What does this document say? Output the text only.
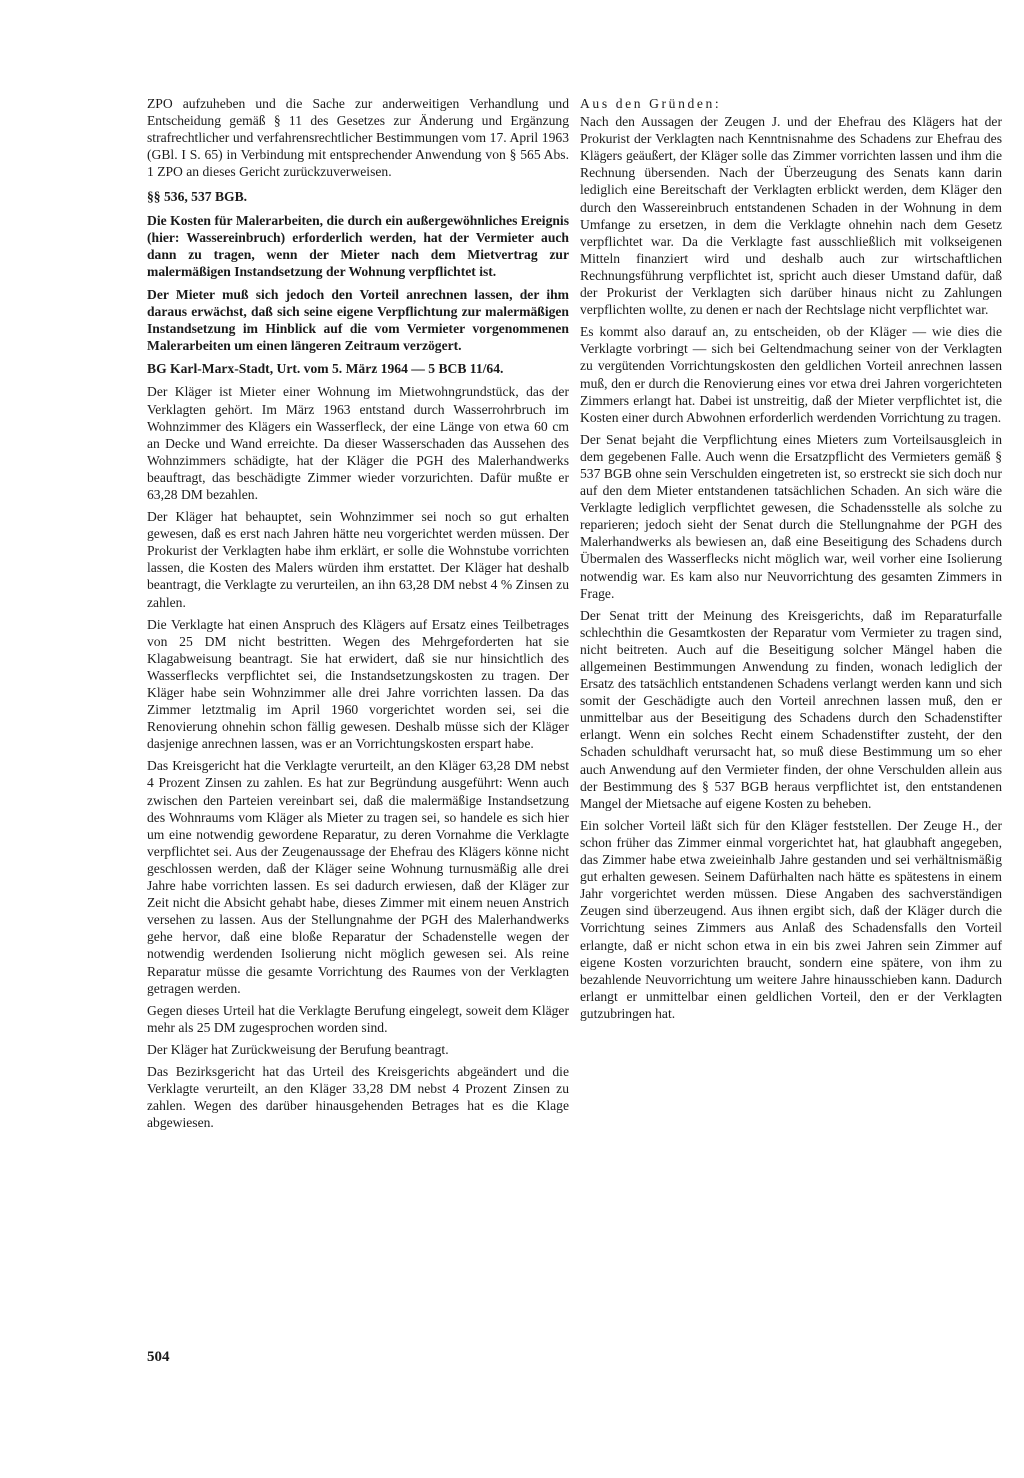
ZPO aufzuheben und die Sache zur anderweitigen Verhandlung und Entscheidung gemäß § 11 des Gesetzes zur Änderung und Ergänzung strafrechtlicher und verfahrensrechtlicher Bestimmungen vom 17. April 1963 (GBl. I S. 65) in Verbindung mit entsprechender Anwendung von § 565 Abs. 1 ZPO an dieses Gericht zurückzuverweisen.

§§ 536, 537 BGB.

Die Kosten für Malerarbeiten, die durch ein außergewöhnliches Ereignis (hier: Wassereinbruch) erforderlich werden, hat der Vermieter auch dann zu tragen, wenn der Mieter nach dem Mietvertrag zur malermäßigen Instandsetzung der Wohnung verpflichtet ist.

Der Mieter muß sich jedoch den Vorteil anrechnen lassen, der ihm daraus erwächst, daß sich seine eigene Verpflichtung zur malermäßigen Instandsetzung im Hinblick auf die vom Vermieter vorgenommenen Malerarbeiten um einen längeren Zeitraum verzögert.

BG Karl-Marx-Stadt, Urt. vom 5. März 1964 — 5 BCB 11/64.

Der Kläger ist Mieter einer Wohnung im Mietwohngrundstück, das der Verklagten gehört. Im März 1963 entstand durch Wasserrohrbruch im Wohnzimmer des Klägers ein Wasserfleck, der eine Länge von etwa 60 cm an Decke und Wand erreichte. Da dieser Wasserschaden das Aussehen des Wohnzimmers schädigte, hat der Kläger die PGH des Malerhandwerks beauftragt, das beschädigte Zimmer wieder vorzurichten. Dafür mußte er 63,28 DM bezahlen.

Der Kläger hat behauptet, sein Wohnzimmer sei noch so gut erhalten gewesen, daß es erst nach Jahren hätte neu vorgerichtet werden müssen. Der Prokurist der Verklagten habe ihm erklärt, er solle die Wohnstube vorrichten lassen, die Kosten des Malers würden ihm erstattet. Der Kläger hat deshalb beantragt, die Verklagte zu verurteilen, an ihn 63,28 DM nebst 4 % Zinsen zu zahlen.

Die Verklagte hat einen Anspruch des Klägers auf Ersatz eines Teilbetrages von 25 DM nicht bestritten. Wegen des Mehrgeforderten hat sie Klagabweisung beantragt. Sie hat erwidert, daß sie nur hinsichtlich des Wasserflecks verpflichtet sei, die Instandsetzungskosten zu tragen. Der Kläger habe sein Wohnzimmer alle drei Jahre vorrichten lassen. Da das Zimmer letztmalig im April 1960 vorgerichtet worden sei, sei die Renovierung ohnehin schon fällig gewesen. Deshalb müsse sich der Kläger dasjenige anrechnen lassen, was er an Vorrichtungskosten erspart habe.

Das Kreisgericht hat die Verklagte verurteilt, an den Kläger 63,28 DM nebst 4 Prozent Zinsen zu zahlen. Es hat zur Begründung ausgeführt: Wenn auch zwischen den Parteien vereinbart sei, daß die malermäßige Instandsetzung des Wohnraums vom Kläger als Mieter zu tragen sei, so handele es sich hier um eine notwendig gewordene Reparatur, zu deren Vornahme die Verklagte verpflichtet sei. Aus der Zeugenaussage der Ehefrau des Klägers könne nicht geschlossen werden, daß der Kläger seine Wohnung turnusmäßig alle drei Jahre habe vorrichten lassen. Es sei dadurch erwiesen, daß der Kläger zur Zeit nicht die Absicht gehabt habe, dieses Zimmer mit einem neuen Anstrich versehen zu lassen. Aus der Stellungnahme der PGH des Malerhandwerks gehe hervor, daß eine bloße Reparatur der Schadenstelle wegen der notwendig werdenden Isolierung nicht möglich gewesen sei. Als reine Reparatur müsse die gesamte Vorrichtung des Raumes von der Verklagten getragen werden.

Gegen dieses Urteil hat die Verklagte Berufung eingelegt, soweit dem Kläger mehr als 25 DM zugesprochen worden sind.

Der Kläger hat Zurückweisung der Berufung beantragt.

Das Bezirksgericht hat das Urteil des Kreisgerichts abgeändert und die Verklagte verurteilt, an den Kläger 33,28 DM nebst 4 Prozent Zinsen zu zahlen. Wegen des darüber hinausgehenden Betrages hat es die Klage abgewiesen.

Aus den Gründen:

Nach den Aussagen der Zeugen J. und der Ehefrau des Klägers hat der Prokurist der Verklagten nach Kenntnisnahme des Schadens zur Ehefrau des Klägers geäußert, der Kläger solle das Zimmer vorrichten lassen und ihm die Rechnung übersenden. Nach der Überzeugung des Senats kann darin lediglich eine Bereitschaft der Verklagten erblickt werden, dem Kläger den durch den Wassereinbruch entstandenen Schaden in der Wohnung in dem Umfange zu ersetzen, in dem die Verklagte ohnehin nach dem Gesetz verpflichtet war. Da die Verklagte fast ausschließlich mit volkseigenen Mitteln finanziert wird und deshalb auch zur wirtschaftlichen Rechnungsführung verpflichtet ist, spricht auch dieser Umstand dafür, daß der Prokurist der Verklagten sich darüber hinaus nicht zu Zahlungen verpflichten wollte, zu denen er nach der Rechtslage nicht verpflichtet war.

Es kommt also darauf an, zu entscheiden, ob der Kläger — wie dies die Verklagte vorbringt — sich bei Geltendmachung seiner von der Verklagten zu vergütenden Vorrichtungskosten den geldlichen Vorteil anrechnen lassen muß, den er durch die Renovierung eines vor etwa drei Jahren vorgerichteten Zimmers erlangt hat. Dabei ist unstreitig, daß der Mieter verpflichtet ist, die Kosten einer durch Abwohnen erforderlich werdenden Vorrichtung zu tragen.

Der Senat bejaht die Verpflichtung eines Mieters zum Vorteilsausgleich in dem gegebenen Falle. Auch wenn die Ersatzpflicht des Vermieters gemäß § 537 BGB ohne sein Verschulden eingetreten ist, so erstreckt sie sich doch nur auf den dem Mieter entstandenen tatsächlichen Schaden. An sich wäre die Verklagte lediglich verpflichtet gewesen, die Schadensstelle als solche zu reparieren; jedoch sieht der Senat durch die Stellungnahme der PGH des Malerhandwerks als bewiesen an, daß eine Beseitigung des Schadens durch Übermalen des Wasserflecks nicht möglich war, weil vorher eine Isolierung notwendig war. Es kam also nur Neuvorrichtung des gesamten Zimmers in Frage.

Der Senat tritt der Meinung des Kreisgerichts, daß im Reparaturfalle schlechthin die Gesamtkosten der Reparatur vom Vermieter zu tragen sind, nicht beitreten. Auch auf die Beseitigung solcher Mängel haben die allgemeinen Bestimmungen Anwendung zu finden, wonach lediglich der Ersatz des tatsächlich entstandenen Schadens verlangt werden kann und sich somit der Geschädigte auch den Vorteil anrechnen lassen muß, den er unmittelbar aus der Beseitigung des Schadens durch den Schadenstifter erlangt. Wenn ein solches Recht einem Schadenstifter zusteht, der den Schaden schuldhaft verursacht hat, so muß diese Bestimmung um so eher auch Anwendung auf den Vermieter finden, der ohne Verschulden allein aus der Bestimmung des § 537 BGB heraus verpflichtet ist, den entstandenen Mangel der Mietsache auf eigene Kosten zu beheben.

Ein solcher Vorteil läßt sich für den Kläger feststellen. Der Zeuge H., der schon früher das Zimmer einmal vorgerichtet hat, hat glaubhaft angegeben, das Zimmer habe etwa zweieinhalb Jahre gestanden und sei verhältnismäßig gut erhalten gewesen. Seinem Dafürhalten nach hätte es spätestens in einem Jahr vorgerichtet werden müssen. Diese Angaben des sachverständigen Zeugen sind überzeugend. Aus ihnen ergibt sich, daß der Kläger durch die Vorrichtung seines Zimmers aus Anlaß des Schadensfalls den Vorteil erlangte, daß er nicht schon etwa in ein bis zwei Jahren sein Zimmer auf eigene Kosten vorzurichten braucht, sondern eine spätere, von ihm zu bezahlende Neuvorrichtung um weitere Jahre hinausschieben kann. Dadurch erlangt er unmittelbar einen geldlichen Vorteil, den er der Verklagten gutzubringen hat.

504
